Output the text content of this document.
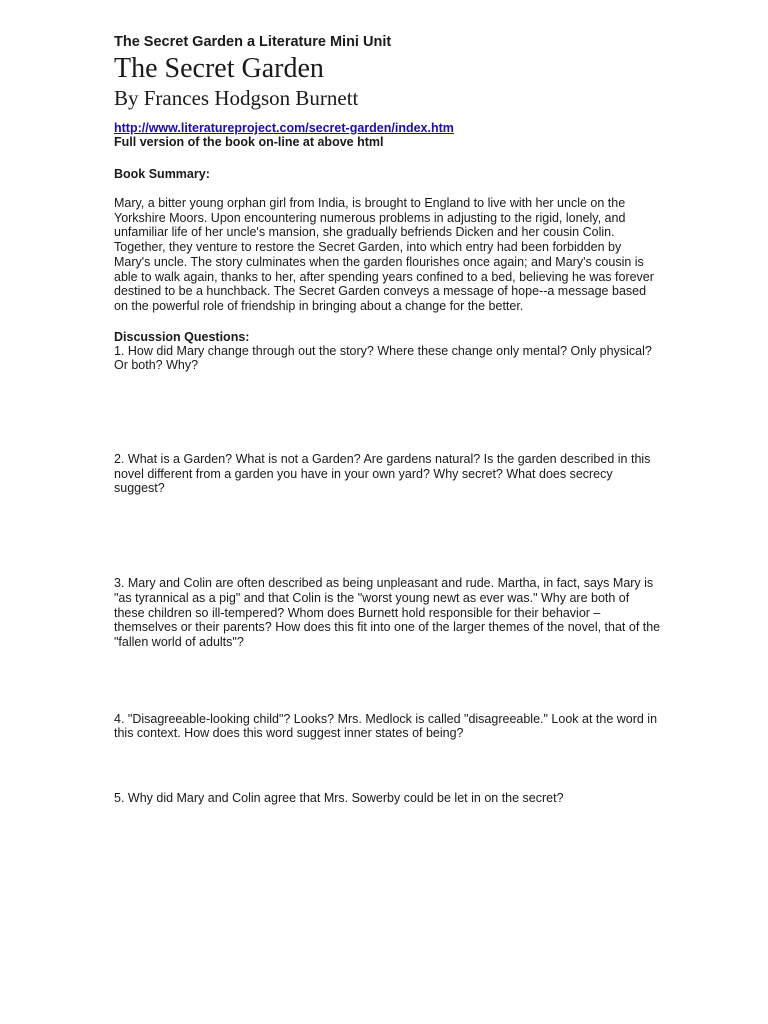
The Secret Garden a Literature Mini Unit

The Secret Garden
By Frances Hodgson Burnett
http://www.literatureproject.com/secret-garden/index.htm

Full version of the book on-line at above html

Book Summary:

Mary, a bitter young orphan girl from India, is brought to England to live with her uncle on the Yorkshire Moors. Upon encountering numerous problems in adjusting to the rigid, lonely, and unfamiliar life of her uncle's mansion, she gradually befriends Dicken and her cousin Colin. Together, they venture to restore the Secret Garden, into which entry had been forbidden by Mary's uncle. The story culminates when the garden flourishes once again; and Mary's cousin is able to walk again, thanks to her, after spending years confined to a bed, believing he was forever destined to be a hunchback. The Secret Garden conveys a message of hope--a message based on the powerful role of friendship in bringing about a change for the better.

Discussion Questions:

1. How did Mary change through out the story? Where these change only mental? Only physical? Or both? Why?

2. What is a Garden? What is not a Garden? Are gardens natural? Is the garden described in this novel different from a garden you have in your own yard? Why secret? What does secrecy suggest?

3. Mary and Colin are often described as being unpleasant and rude. Martha, in fact, says Mary is "as tyrannical as a pig" and that Colin is the "worst young newt as ever was." Why are both of these children so ill-tempered? Whom does Burnett hold responsible for their behavior – themselves or their parents? How does this fit into one of the larger themes of the novel, that of the "fallen world of adults"?

4. "Disagreeable-looking child"? Looks? Mrs. Medlock is called "disagreeable." Look at the word in this context. How does this word suggest inner states of being?

5. Why did Mary and Colin agree that Mrs. Sowerby could be let in on the secret?
